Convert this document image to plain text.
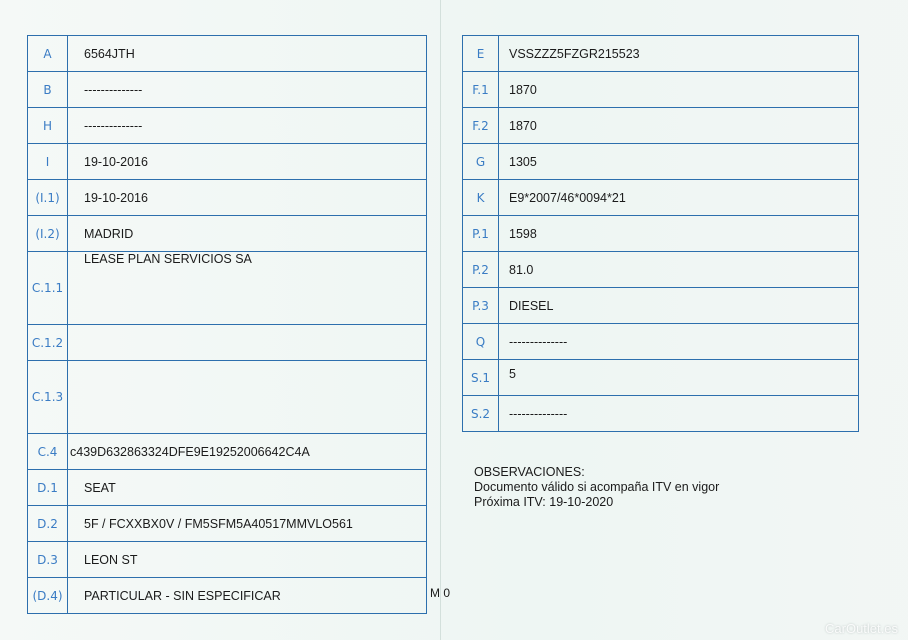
A	6564JTH
B	--------------
H	--------------
I	19-10-2016
(I.1)	19-10-2016
(I.2)	MADRID
C.1.1	LEASE PLAN SERVICIOS SA
C.1.2	
C.1.3	
C.4	c439D632863324DFE9E19252006642C4A
D.1	SEAT
D.2	5F / FCXXBX0V / FM5SFM5A40517MMVLO561
D.3	LEON ST
(D.4)	PARTICULAR - SIN ESPECIFICAR	M 0
E	VSSZZZ5FZGR215523
F.1	1870
F.2	1870
G	1305
K	E9*2007/46*0094*21
P.1	1598
P.2	81.0
P.3	DIESEL
Q	--------------
S.1	5
S.2	--------------
OBSERVACIONES:
Documento válido si acompaña ITV en vigor
Próxima ITV: 19-10-2020
CarOutlet.es
